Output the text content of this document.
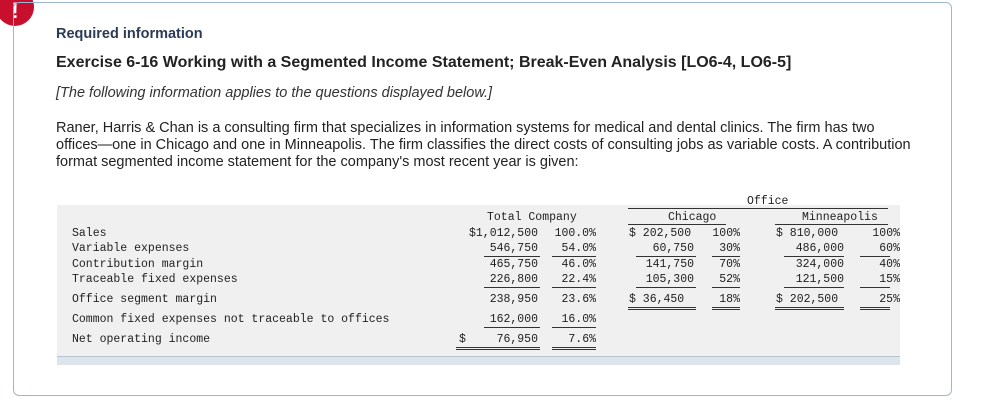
!
Required information
Exercise 6-16 Working with a Segmented Income Statement; Break-Even Analysis [LO6-4, LO6-5]
[The following information applies to the questions displayed below.]
Raner, Harris & Chan is a consulting firm that specializes in information systems for medical and dental clinics. The firm has two offices—one in Chicago and one in Minneapolis. The firm classifies the direct costs of consulting jobs as variable costs. A contribution format segmented income statement for the company's most recent year is given:
Office
Total Company	Chicago	Minneapolis
Sales	$1,012,500	100.0%	$ 202,500	100%	$ 810,000	100%
Variable expenses	546,750	54.0%	60,750	30%	486,000	60%
Contribution margin	465,750	46.0%	141,750	70%	324,000	40%
Traceable fixed expenses	226,800	22.4%	105,300	52%	121,500	15%
Office segment margin	238,950	23.6%	$ 36,450	18%	$ 202,500	25%
Common fixed expenses not traceable to offices	162,000	16.0%
Net operating income	$	76,950	7.6%
